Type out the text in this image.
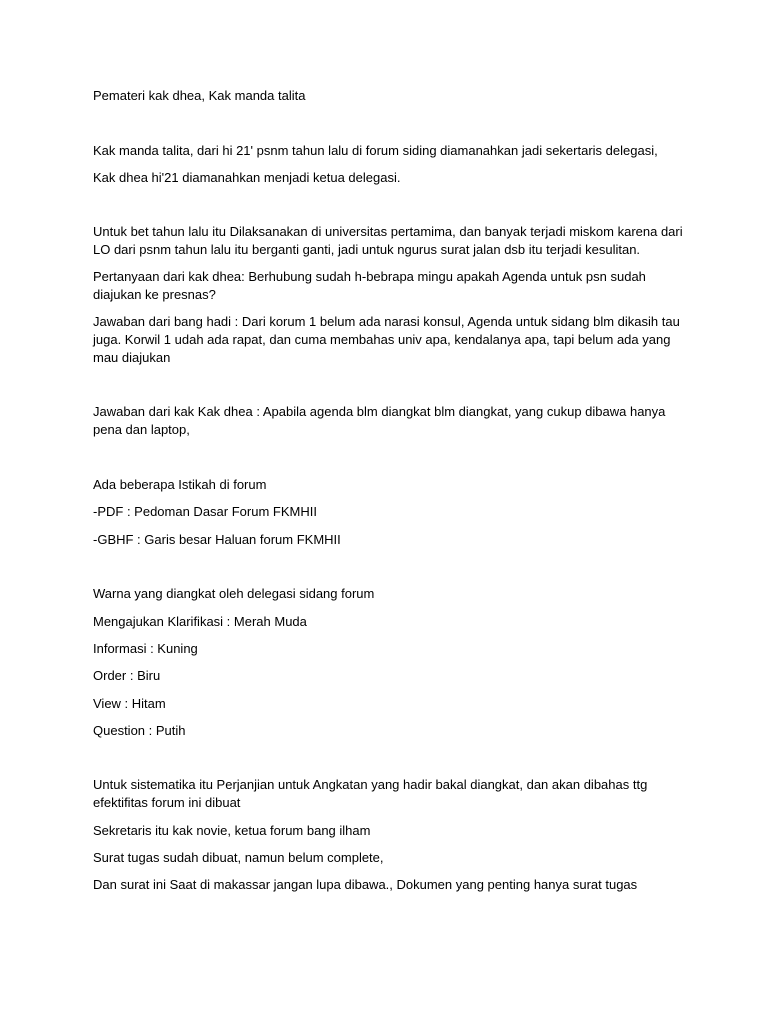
Pemateri kak dhea, Kak manda talita

Kak manda talita, dari hi 21' psnm tahun lalu di forum siding diamanahkan jadi sekertaris delegasi,

Kak dhea hi'21 diamanahkan menjadi ketua delegasi.

Untuk bet tahun lalu itu Dilaksanakan di universitas pertamima, dan banyak terjadi miskom karena dari LO dari psnm tahun lalu itu berganti ganti, jadi untuk ngurus surat jalan dsb itu terjadi kesulitan.

Pertanyaan dari kak dhea: Berhubung sudah h-bebrapa mingu apakah Agenda untuk psn sudah diajukan ke presnas?

Jawaban dari bang hadi : Dari korum 1 belum ada narasi konsul, Agenda untuk sidang blm dikasih tau juga. Korwil 1 udah ada rapat, dan cuma membahas univ apa, kendalanya apa, tapi belum ada yang mau diajukan

Jawaban dari kak Kak dhea : Apabila agenda blm diangkat blm diangkat, yang cukup dibawa hanya pena dan laptop,

Ada beberapa Istikah di forum

-PDF : Pedoman Dasar Forum FKMHII

-GBHF : Garis besar Haluan forum FKMHII

Warna yang diangkat oleh delegasi sidang forum

Mengajukan Klarifikasi : Merah Muda

Informasi : Kuning

Order : Biru

View : Hitam

Question : Putih

Untuk sistematika itu Perjanjian untuk Angkatan yang hadir bakal diangkat, dan akan dibahas ttg efektifitas forum ini dibuat

Sekretaris itu kak novie, ketua forum bang ilham

Surat tugas sudah dibuat, namun belum complete,

Dan surat ini Saat di makassar jangan lupa dibawa., Dokumen yang penting hanya surat tugas
